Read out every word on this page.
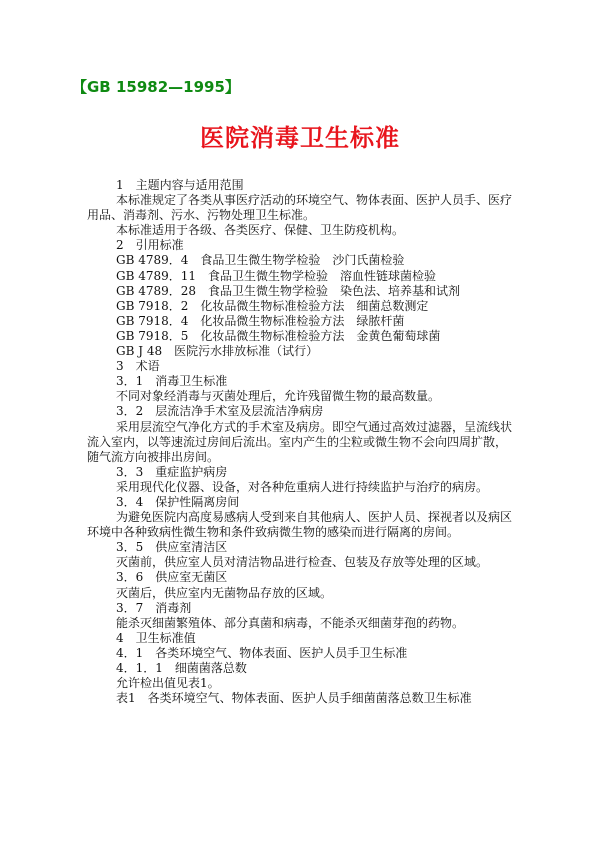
【GB 15982—1995】
医院消毒卫生标准
1　主题内容与适用范围
本标准规定了各类从事医疗活动的环境空气、物体表面、医护人员手、医疗
用品、消毒剂、污水、污物处理卫生标准。
本标准适用于各级、各类医疗、保健、卫生防疫机构。
2　引用标准
GB 4789．4　食品卫生微生物学检验　沙门氏菌检验
GB 4789．11　食品卫生微生物学检验　溶血性链球菌检验
GB 4789．28　食品卫生微生物学检验　染色法、培养基和试剂
GB 7918．2　化妆品微生物标准检验方法　细菌总数测定
GB 7918．4　化妆品微生物标准检验方法　绿脓杆菌
GB 7918．5　化妆品微生物标准检验方法　金黄色葡萄球菌
GB J 48　医院污水排放标准（试行）
3　术语
3．1　消毒卫生标准
不同对象经消毒与灭菌处理后，允许残留微生物的最高数量。
3．2　层流洁净手术室及层流洁净病房
采用层流空气净化方式的手术室及病房。即空气通过高效过滤器，呈流线状
流入室内，以等速流过房间后流出。室内产生的尘粒或微生物不会向四周扩散，
随气流方向被排出房间。
3．3　重症监护病房
采用现代化仪器、设备，对各种危重病人进行持续监护与治疗的病房。
3．4　保护性隔离房间
为避免医院内高度易感病人受到来自其他病人、医护人员、探视者以及病区
环境中各种致病性微生物和条件致病微生物的感染而进行隔离的房间。
3．5　供应室清洁区
灭菌前，供应室人员对清洁物品进行检查、包装及存放等处理的区域。
3．6　供应室无菌区
灭菌后，供应室内无菌物品存放的区域。
3．7　消毒剂
能杀灭细菌繁殖体、部分真菌和病毒，不能杀灭细菌芽孢的药物。
4　卫生标准值
4．1　各类环境空气、物体表面、医护人员手卫生标准
4．1．1　细菌菌落总数
允许检出值见表1。
表1　各类环境空气、物体表面、医护人员手细菌菌落总数卫生标准
